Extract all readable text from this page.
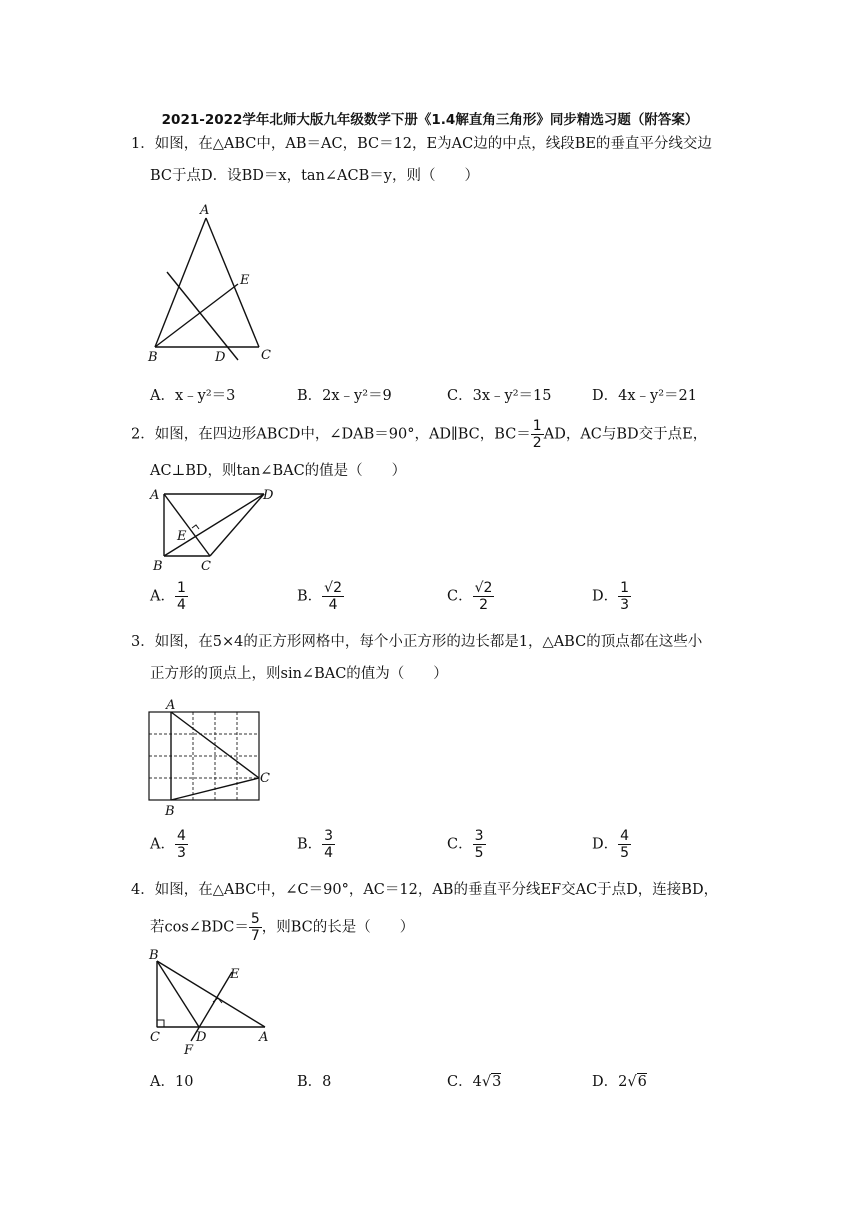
2021-2022学年北师大版九年级数学下册《1.4解直角三角形》同步精选习题（附答案）
1．如图，在△ABC中，AB＝AC，BC＝12，E为AC边的中点，线段BE的垂直平分线交边
BC于点D．设BD＝x，tan∠ACB＝y，则（　　）
A
E
B	D	C
A．x﹣y²＝3	B．2x﹣y²＝9	C．3x﹣y²＝15	D．4x﹣y²＝21
2．如图，在四边形ABCD中，∠DAB＝90°，AD∥BC，$BC= \frac{1}{2}$ AD，AC与BD交于点E，
AC⊥BD，则tan∠BAC的值是（　　）
A	D
E
B	C
A． $\frac{1}{4}$	B． $\frac{√2}{4}$	C． $\frac{√2}{2}$	D． $\frac{1}{3}$
3．如图，在5×4的正方形网格中，每个小正方形的边长都是1，△ABC的顶点都在这些小
正方形的顶点上，则sin∠BAC的值为（　　）
A
C
B
A． $\frac{4}{3}$	B． $\frac{3}{4}$	C． $\frac{3}{5}$	D． $\frac{4}{5}$
4．如图，在△ABC中，∠C＝90°，AC＝12，AB的垂直平分线EF交AC于点D，连接BD，
若cos∠BDC＝ $\frac{5}{7}$ ，则BC的长是（　　）
B
E
C	D	A
F
A．10	B．8	C．4√3	D．2√6
